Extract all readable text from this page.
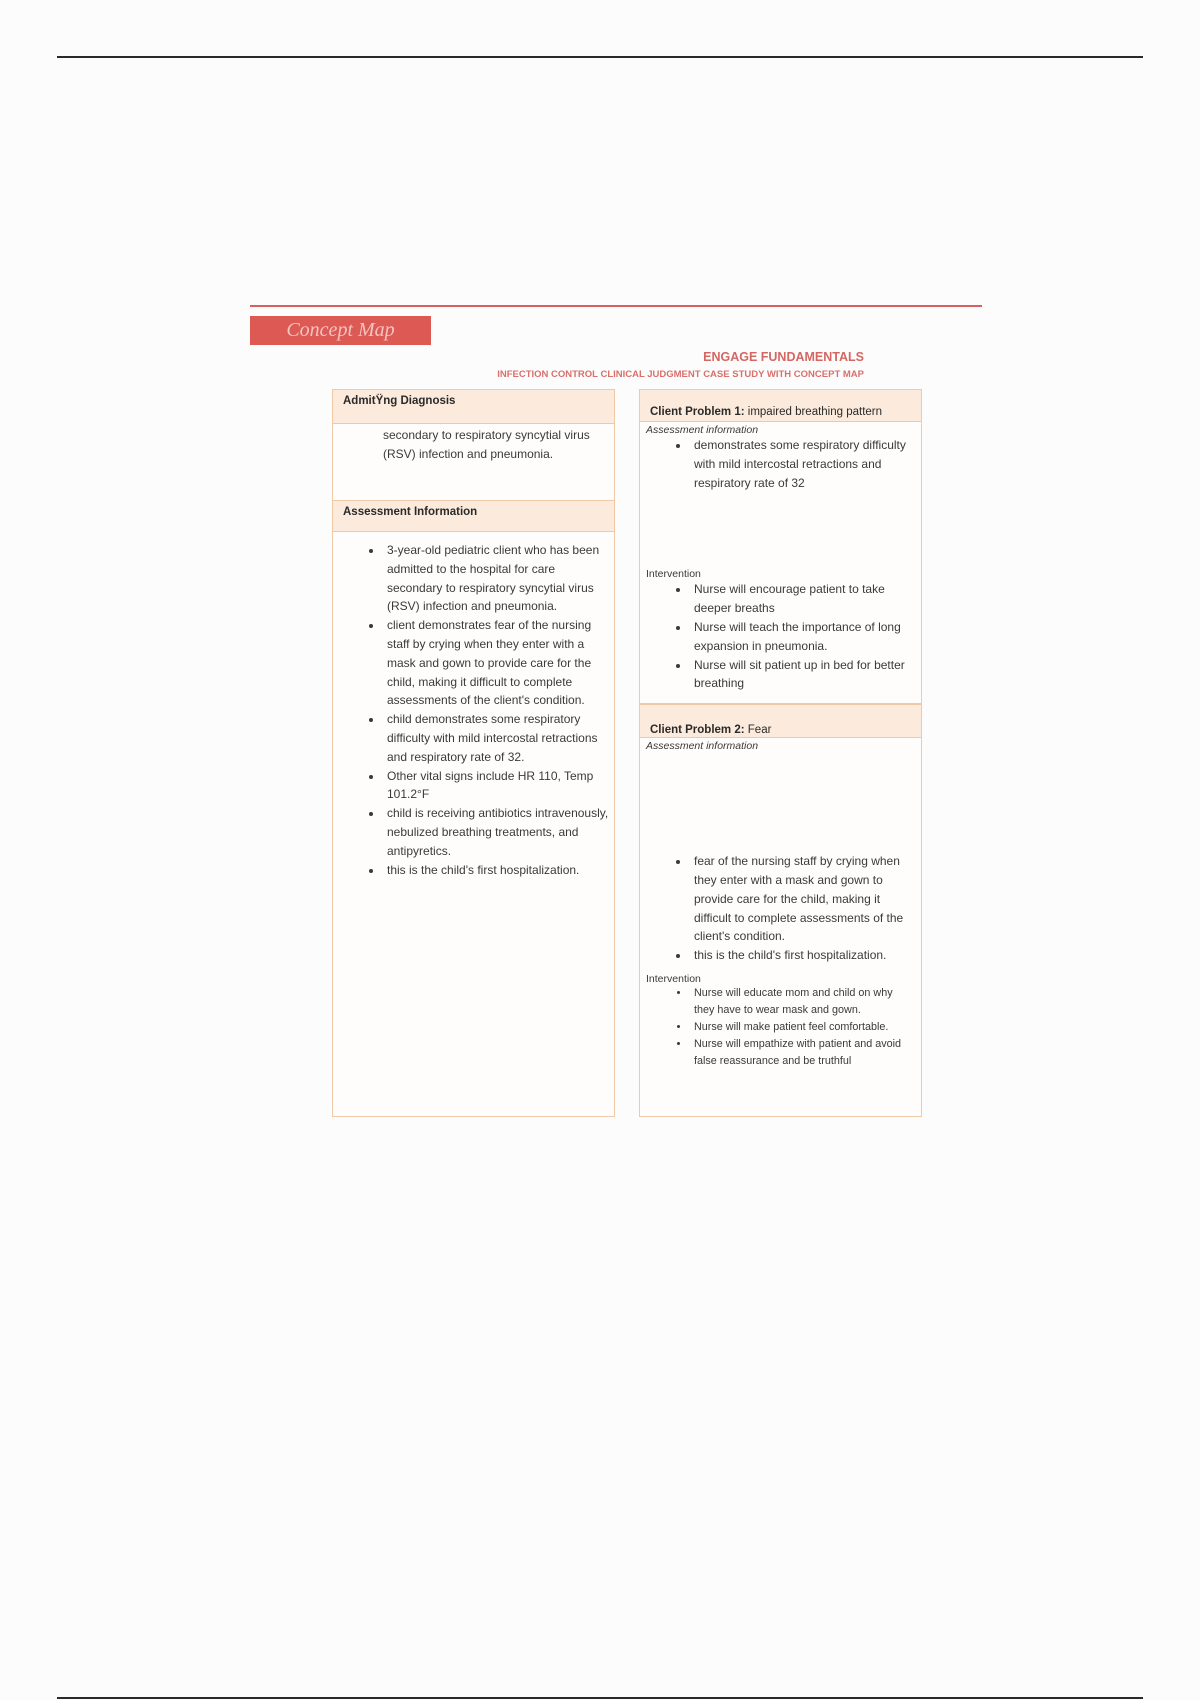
Concept Map
ENGAGE FUNDAMENTALS
INFECTION CONTROL CLINICAL JUDGMENT CASE STUDY WITH CONCEPT MAP
AdmitŸng Diagnosis
secondary to respiratory syncytial virus (RSV) infection and pneumonia.
Assessment Information
• 3-year-old pediatric client who has been admitted to the hospital for care secondary to respiratory syncytial virus (RSV) infection and pneumonia.
• client demonstrates fear of the nursing staff by crying when they enter with a mask and gown to provide care for the child, making it difficult to complete assessments of the client's condition.
• child demonstrates some respiratory difficulty with mild intercostal retractions and respiratory rate of 32.
• Other vital signs include HR 110, Temp 101.2°F
• child is receiving antibiotics intravenously, nebulized breathing treatments, and antipyretics.
• this is the child's first hospitalization.
Client Problem 1: impaired breathing pattern
Assessment information
• demonstrates some respiratory difficulty with mild intercostal retractions and respiratory rate of 32
Intervention
• Nurse will encourage patient to take deeper breaths
• Nurse will teach the importance of long expansion in pneumonia.
• Nurse will sit patient up in bed for better breathing
Client Problem 2: Fear
Assessment information
• fear of the nursing staff by crying when they enter with a mask and gown to provide care for the child, making it difficult to complete assessments of the client's condition.
• this is the child's first hospitalization.
Intervention
• Nurse will educate mom and child on why they have to wear mask and gown.
• Nurse will make patient feel comfortable.
• Nurse will empathize with patient and avoid false reassurance and be truthful
